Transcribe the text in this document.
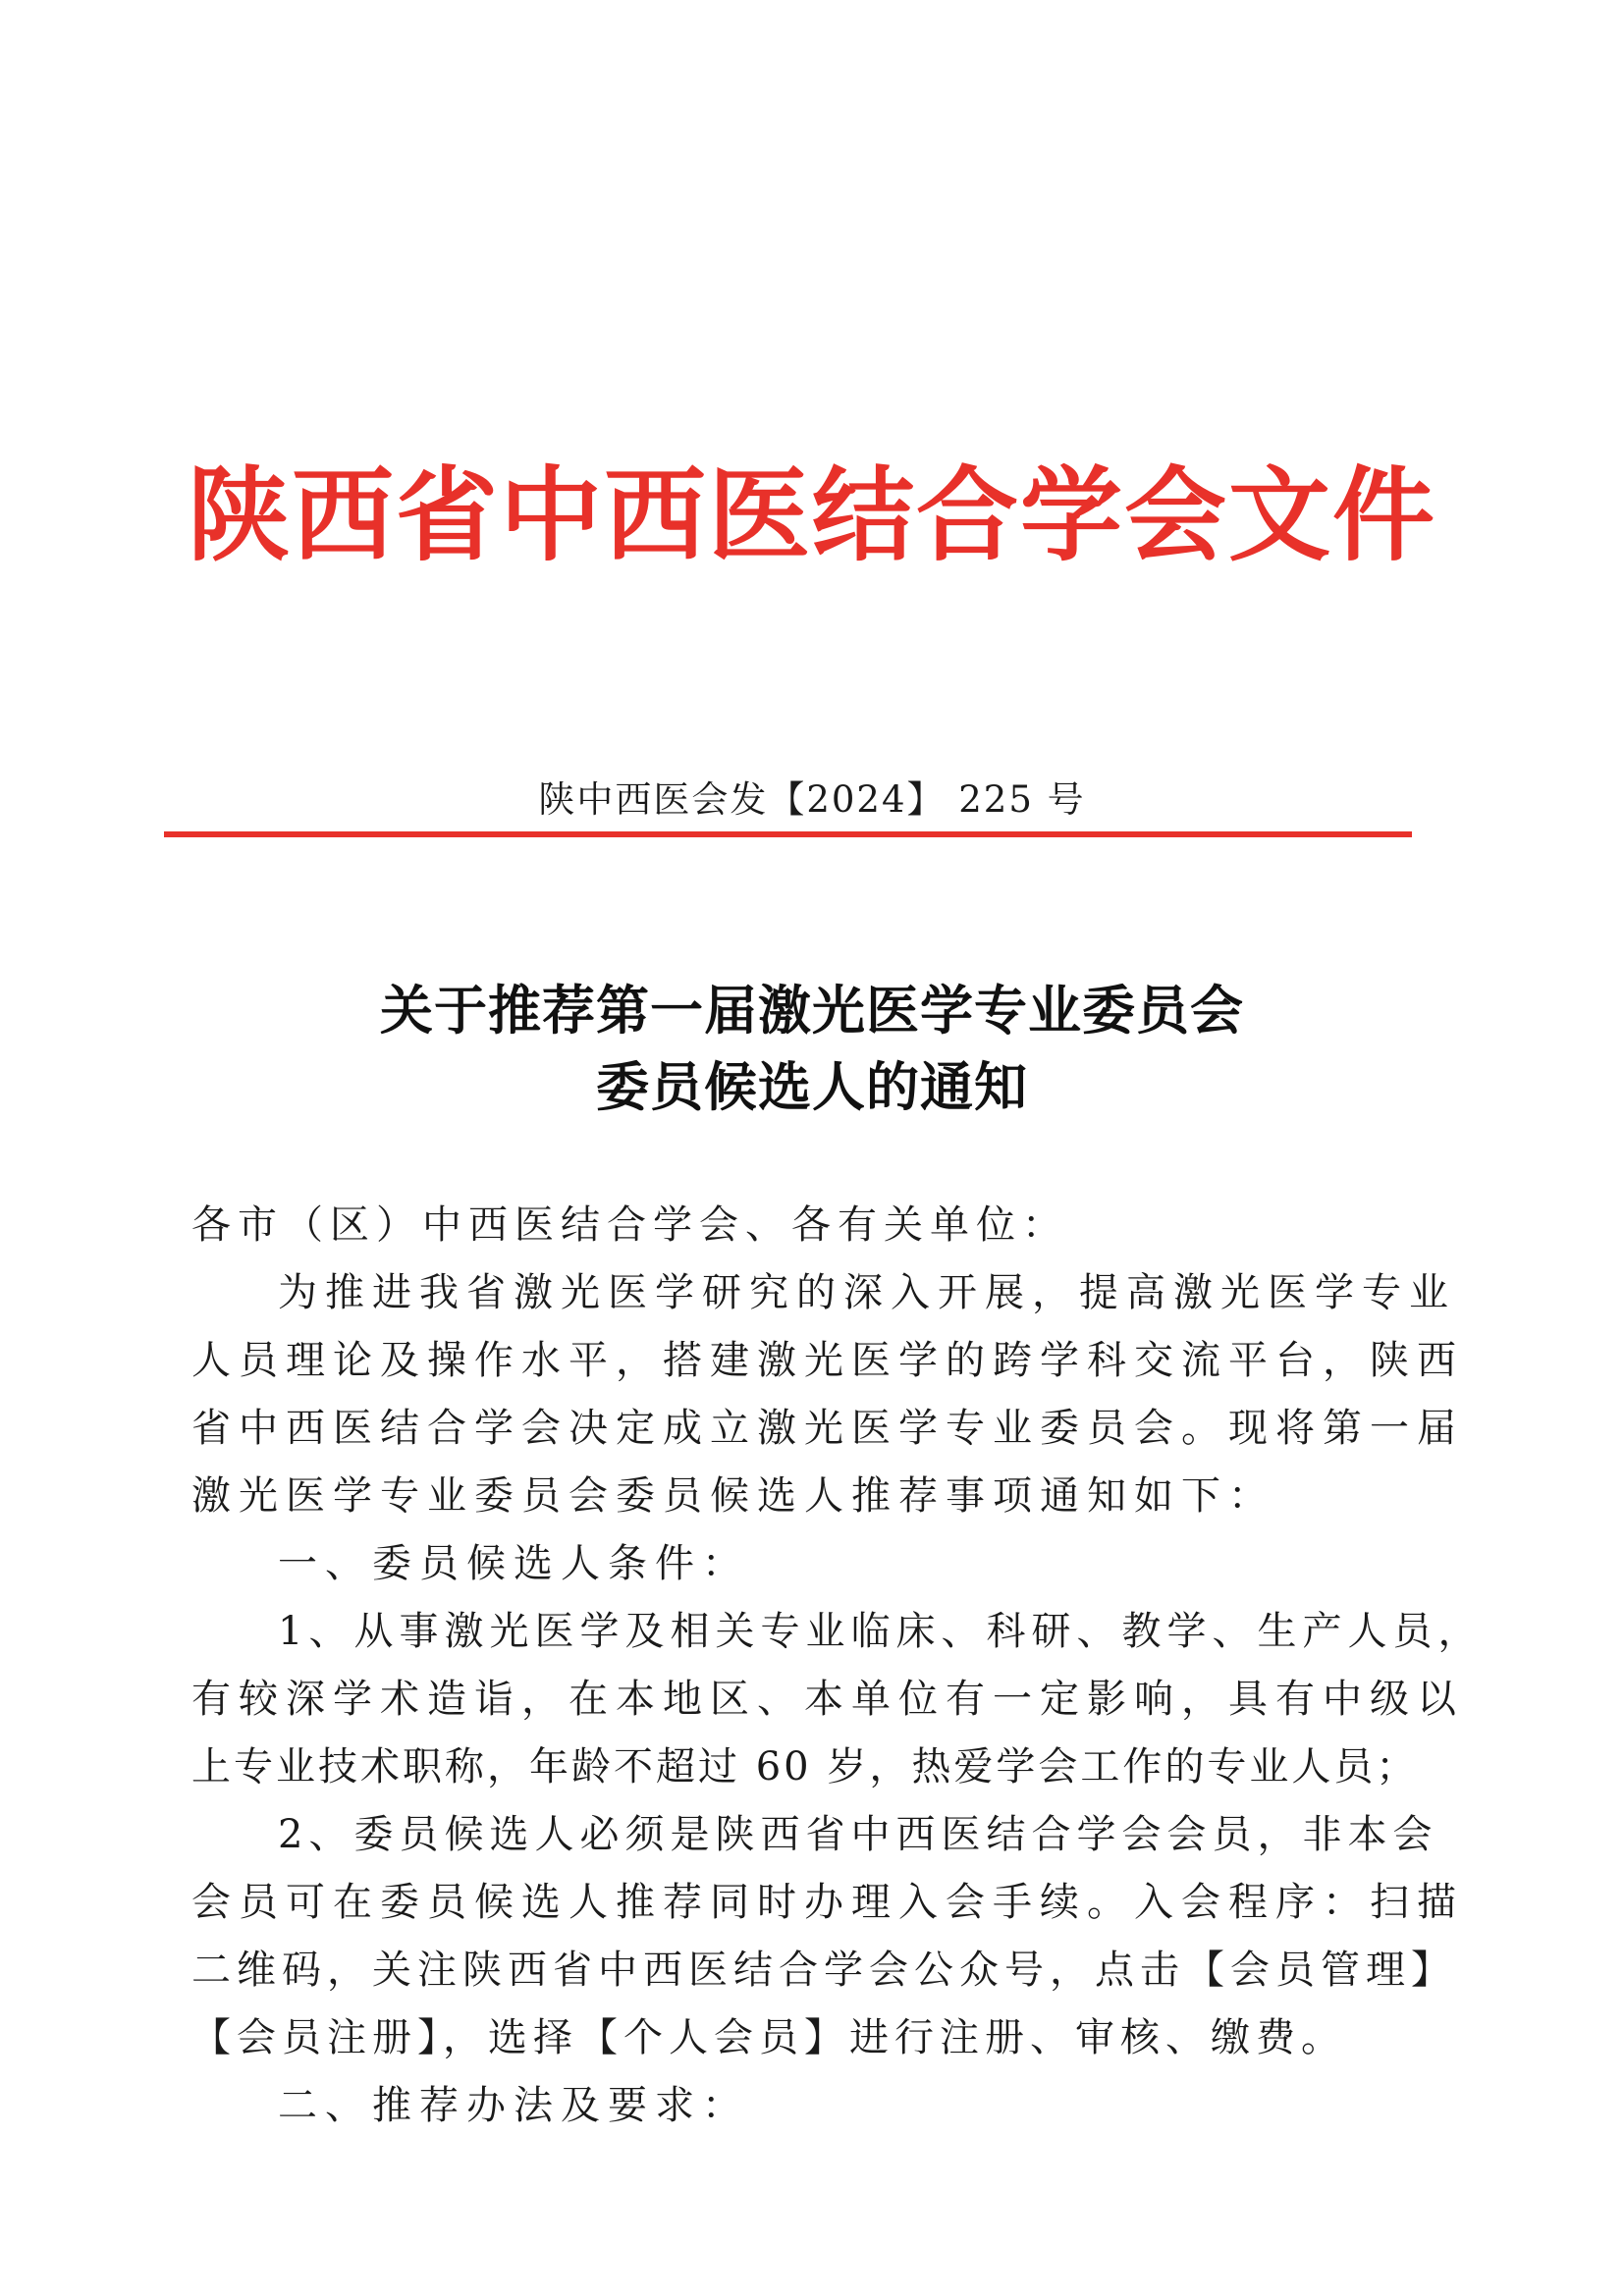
陕西省中西医结合学会文件
陕中西医会发【2024】 225 号
关于推荐第一届激光医学专业委员会
委员候选人的通知
各市（区）中西医结合学会、各有关单位：
为推进我省激光医学研究的深入开展，提高激光医学专业
人员理论及操作水平，搭建激光医学的跨学科交流平台，陕西
省中西医结合学会决定成立激光医学专业委员会。现将第一届
激光医学专业委员会委员候选人推荐事项通知如下：
一、委员候选人条件：
1、从事激光医学及相关专业临床、科研、教学、生产人员，
有较深学术造诣，在本地区、本单位有一定影响，具有中级以
上专业技术职称，年龄不超过 60 岁，热爱学会工作的专业人员；
2、委员候选人必须是陕西省中西医结合学会会员，非本会
会员可在委员候选人推荐同时办理入会手续。入会程序：扫描
二维码，关注陕西省中西医结合学会公众号，点击【会员管理】
【会员注册】，选择【个人会员】进行注册、审核、缴费。
二、推荐办法及要求：
